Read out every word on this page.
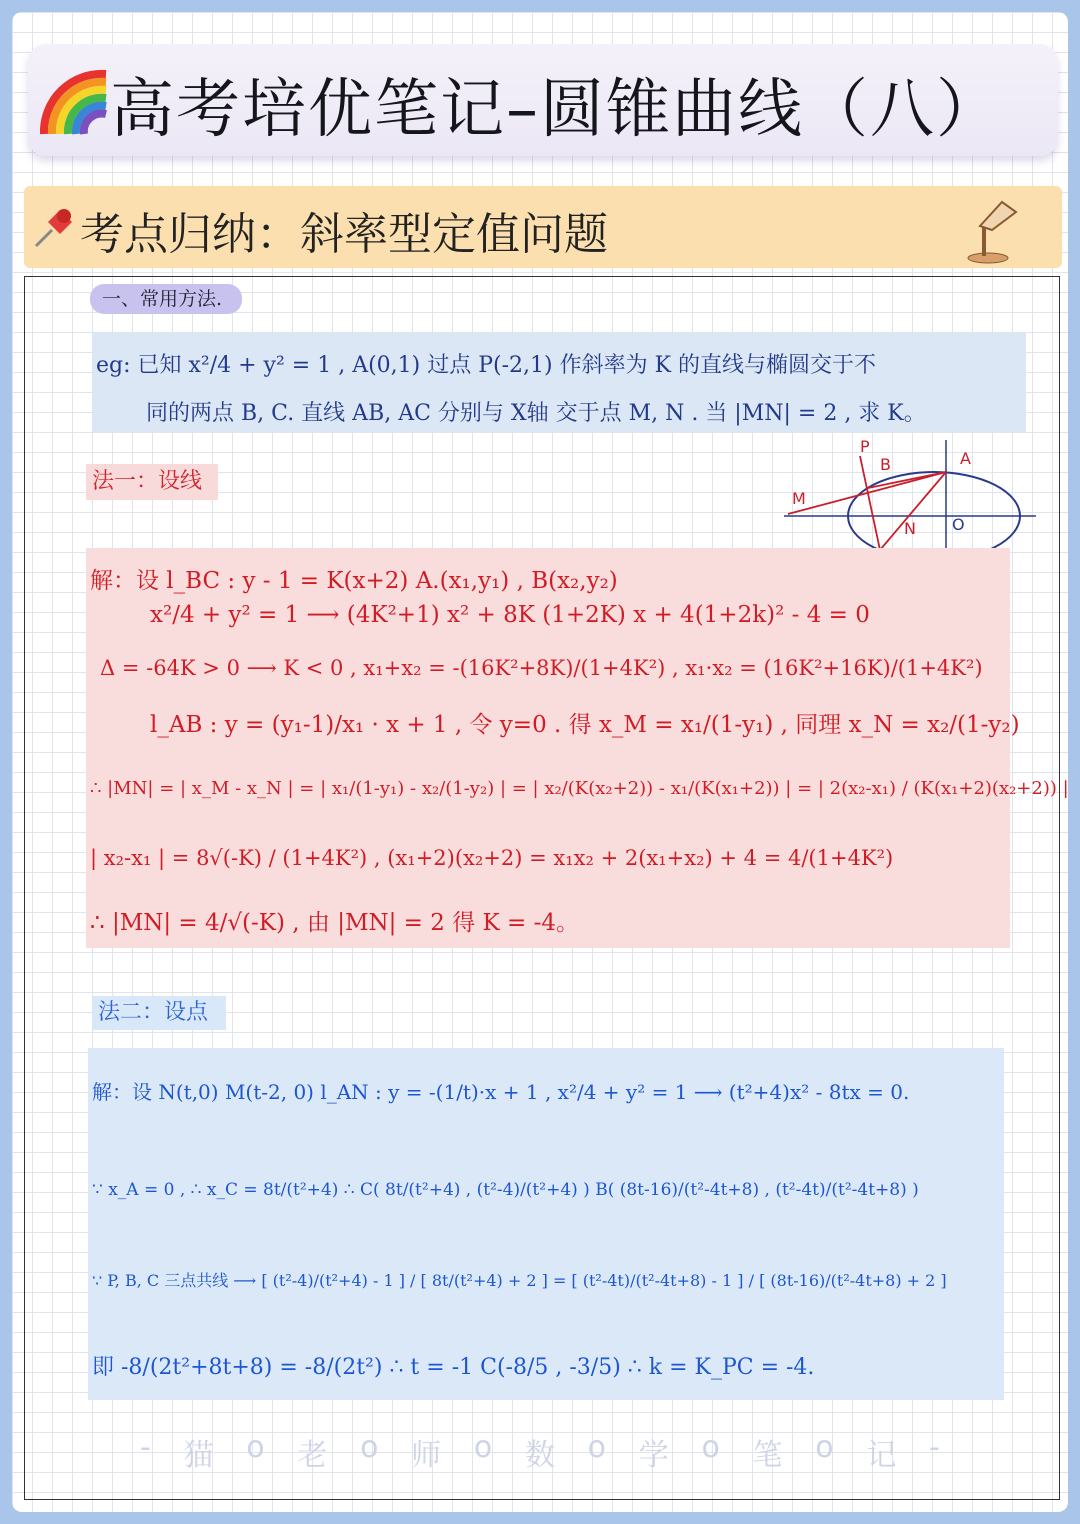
高考培优笔记–圆锥曲线（八）
考点归纳：斜率型定值问题
一、常用方法.
eg: 已知 x²/4 + y² = 1 , A(0,1) 过点 P(-2,1) 作斜率为 K 的直线与椭圆交于不
同的两点 B, C. 直线 AB, AC 分别与 X轴 交于点 M, N . 当 |MN| = 2 , 求 K。
法一：设线
P
B	A
M
N O
解：设 l_BC : y - 1 = K(x+2) A.(x₁,y₁) , B(x₂,y₂)
x²/4 + y² = 1 ⟶ (4K²+1) x² + 8K (1+2K) x + 4(1+2k)² - 4 = 0
Δ = -64K > 0 ⟶ K < 0 , x₁+x₂ = -(16K²+8K)/(1+4K²) , x₁·x₂ = (16K²+16K)/(1+4K²)
l_AB : y = (y₁-1)/x₁ · x + 1 , 令 y=0 . 得 x_M = x₁/(1-y₁) , 同理 x_N = x₂/(1-y₂)
∴ |MN| = | x_M - x_N | = | x₁/(1-y₁) - x₂/(1-y₂) | = | x₂/(K(x₂+2)) - x₁/(K(x₁+2)) | = | 2(x₂-x₁) / (K(x₁+2)(x₂+2)) |
| x₂-x₁ | = 8√(-K) / (1+4K²) , (x₁+2)(x₂+2) = x₁x₂ + 2(x₁+x₂) + 4 = 4/(1+4K²)
∴ |MN| = 4/√(-K) , 由 |MN| = 2 得 K = -4。
法二：设点
解：设 N(t,0) M(t-2, 0) l_AN : y = -(1/t)·x + 1 , x²/4 + y² = 1 ⟶ (t²+4)x² - 8tx = 0.
∵ x_A = 0 , ∴ x_C = 8t/(t²+4) ∴ C( 8t/(t²+4) , (t²-4)/(t²+4) ) B( (8t-16)/(t²-4t+8) , (t²-4t)/(t²-4t+8) )
∵ P, B, C 三点共线 ⟶ [ (t²-4)/(t²+4) - 1 ] / [ 8t/(t²+4) + 2 ] = [ (t²-4t)/(t²-4t+8) - 1 ] / [ (8t-16)/(t²-4t+8) + 2 ]
即 -8/(2t²+8t+8) = -8/(2t²) ∴ t = -1 C(-8/5 , -3/5) ∴ k = K_PC = -4.
- 猫 o 老 o 师 o 数 o 学 o 笔 o 记 -
